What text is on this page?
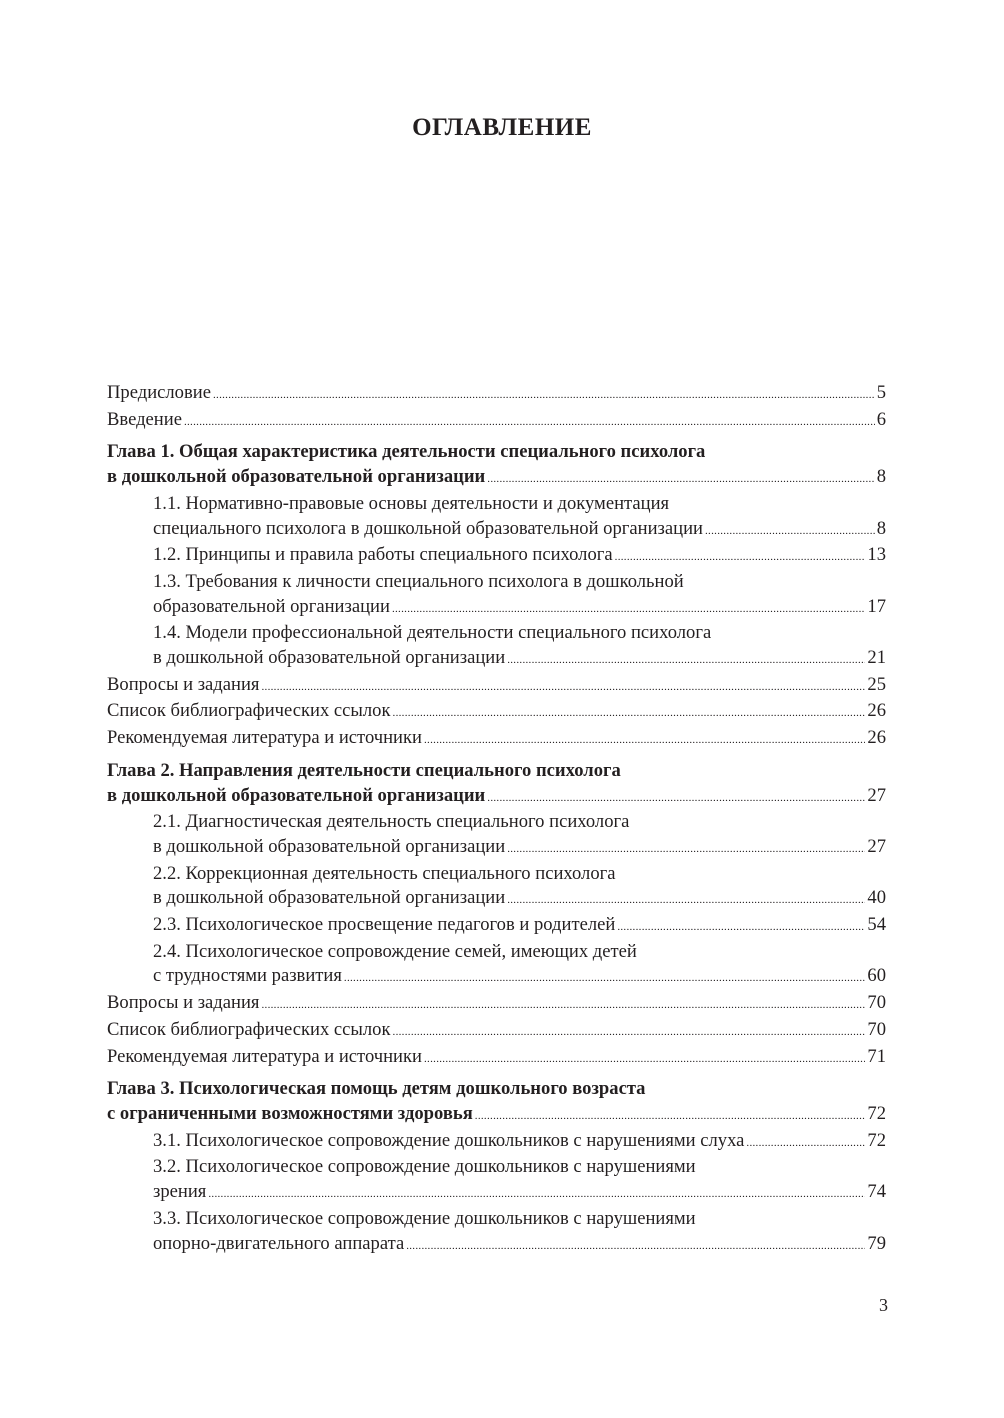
ОГЛАВЛЕНИЕ
Предисловие .....	5
Введение .....	6
Глава 1. Общая характеристика деятельности специального психолога
в дошкольной образовательной организации .....	8
1.1. Нормативно-правовые основы деятельности и документация
специального психолога в дошкольной образовательной организации .....	8
1.2. Принципы и правила работы специального психолога .....	13
1.3. Требования к личности специального психолога в дошкольной
образовательной организации .....	17
1.4. Модели профессиональной деятельности специального психолога
в дошкольной образовательной организации .....	21
Вопросы и задания .....	25
Список библиографических ссылок .....	26
Рекомендуемая литература и источники .....	26
Глава 2. Направления деятельности специального психолога
в дошкольной образовательной организации .....	27
2.1. Диагностическая деятельность специального психолога
в дошкольной образовательной организации .....	27
2.2. Коррекционная деятельность специального психолога
в дошкольной образовательной организации .....	40
2.3. Психологическое просвещение педагогов и родителей .....	54
2.4. Психологическое сопровождение семей, имеющих детей
с трудностями развития .....	60
Вопросы и задания .....	70
Список библиографических ссылок .....	70
Рекомендуемая литература и источники .....	71
Глава 3. Психологическая помощь детям дошкольного возраста
с ограниченными возможностями здоровья .....	72
3.1. Психологическое сопровождение дошкольников с нарушениями слуха .....	72
3.2. Психологическое сопровождение дошкольников с нарушениями
зрения .....	74
3.3. Психологическое сопровождение дошкольников с нарушениями
опорно-двигательного аппарата .....	79
3
